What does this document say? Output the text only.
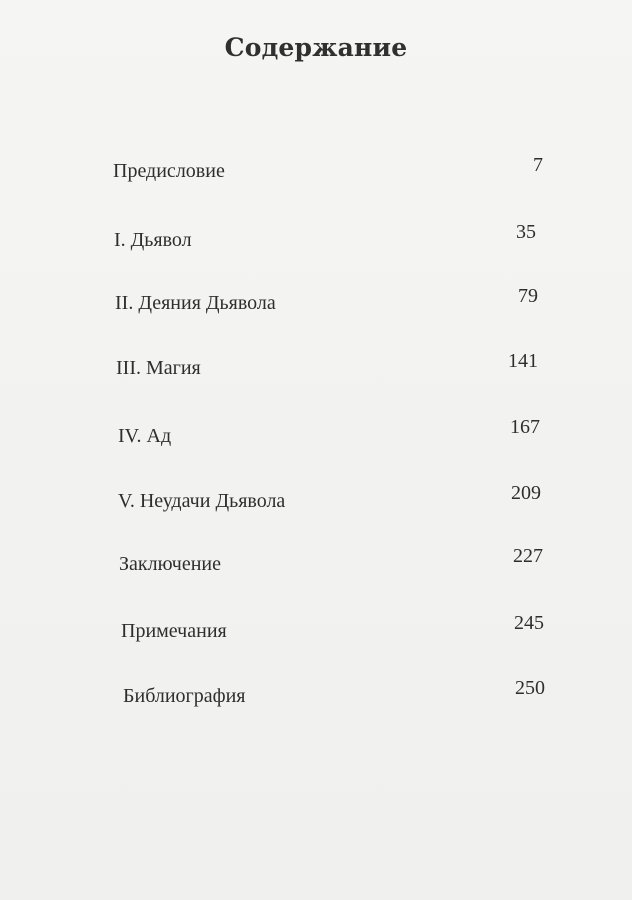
Содержание
Предисловие	7
I. Дьявол	35
II. Деяния Дьявола	79
III. Магия	141
IV. Ад	167
V. Неудачи Дьявола	209
Заключение	227
Примечания	245
Библиография	250
